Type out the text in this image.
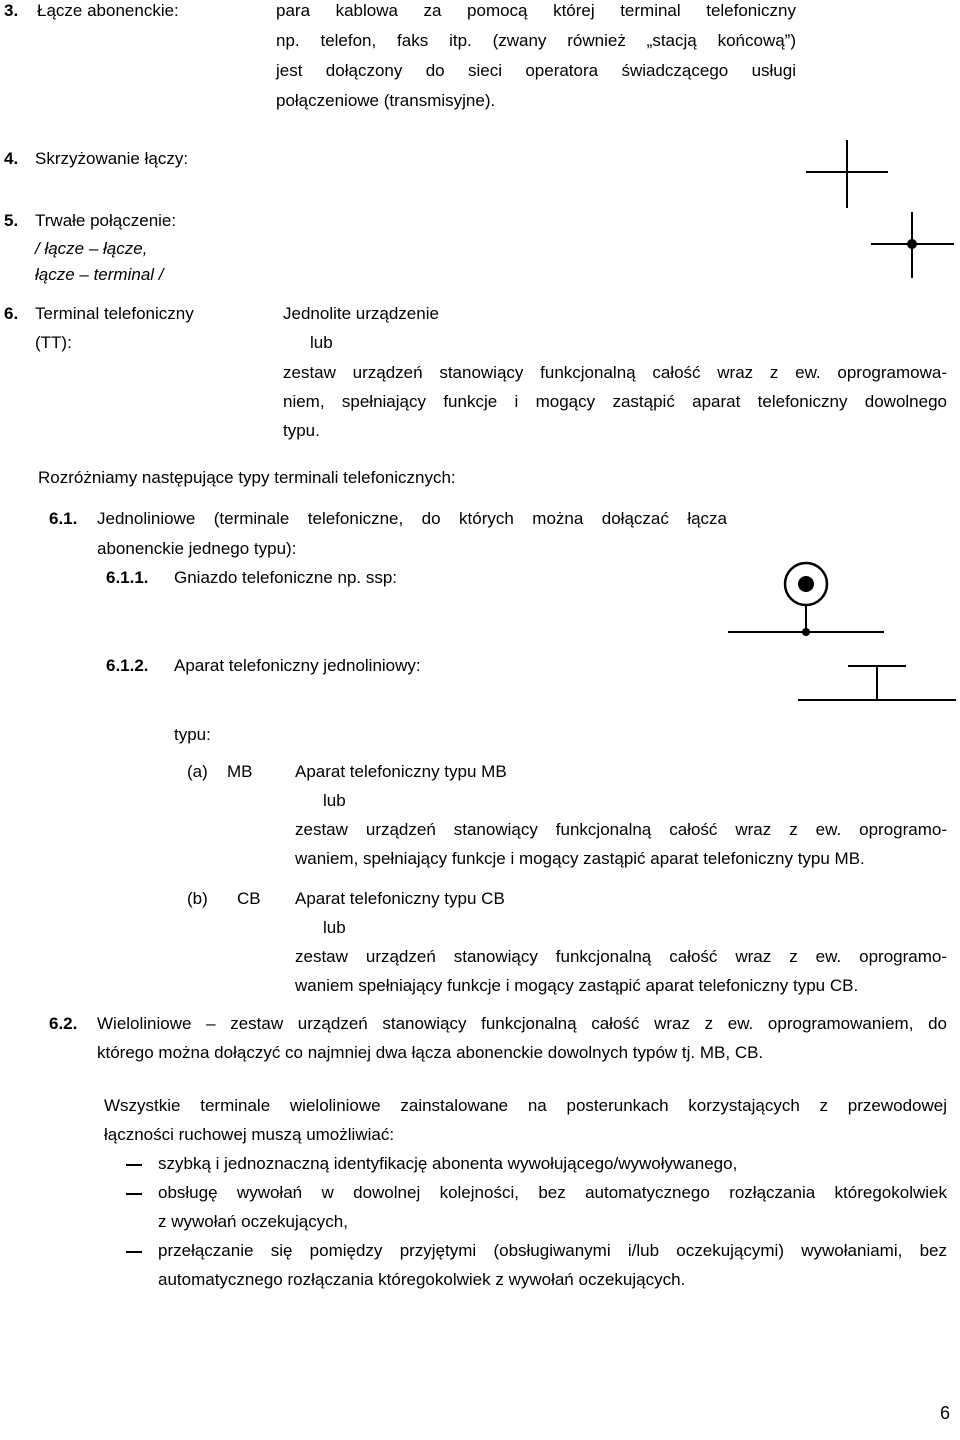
3. Łącze abonenckie:	para kablowa za pomocą której terminal telefoniczny
np. telefon, faks itp. (zwany również „stacją końcową”)
jest dołączony do sieci operatora świadczącego usługi
połączeniowe (transmisyjne).
4. Skrzyżowanie łączy:
5. Trwałe połączenie:
/ łącze – łącze,
łącze – terminal /
6. Terminal telefoniczny
(TT):
Jednolite urządzenie
lub
zestaw urządzeń stanowiący funkcjonalną całość wraz z ew. oprogramowa-
niem, spełniający funkcje i mogący zastąpić aparat telefoniczny dowolnego
typu.
Rozróżniamy następujące typy terminali telefonicznych:
6.1. Jednoliniowe (terminale telefoniczne, do których można dołączać łącza
abonenckie jednego typu):
6.1.1. Gniazdo telefoniczne np. ssp:
6.1.2. Aparat telefoniczny jednoliniowy:
typu:
(a) MB	Aparat telefoniczny typu MB
lub
zestaw urządzeń stanowiący funkcjonalną całość wraz z ew. oprogramo-
waniem, spełniający funkcje i mogący zastąpić aparat telefoniczny typu MB.
(b) CB Aparat telefoniczny typu CB
lub
zestaw urządzeń stanowiący funkcjonalną całość wraz z ew. oprogramo-
waniem spełniający funkcje i mogący zastąpić aparat telefoniczny typu CB.
6.2. Wieloliniowe – zestaw urządzeń stanowiący funkcjonalną całość wraz z ew. oprogramowaniem, do
którego można dołączyć co najmniej dwa łącza abonenckie dowolnych typów tj. MB, CB.
Wszystkie terminale wieloliniowe zainstalowane na posterunkach korzystających z przewodowej
łączności ruchowej muszą umożliwiać:
szybką i jednoznaczną identyfikację abonenta wywołującego/wywoływanego,
obsługę wywołań w dowolnej kolejności, bez automatycznego rozłączania któregokolwiek
z wywołań oczekujących,
przełączanie się pomiędzy przyjętymi (obsługiwanymi i/lub oczekującymi) wywołaniami, bez
automatycznego rozłączania któregokolwiek z wywołań oczekujących.
6
